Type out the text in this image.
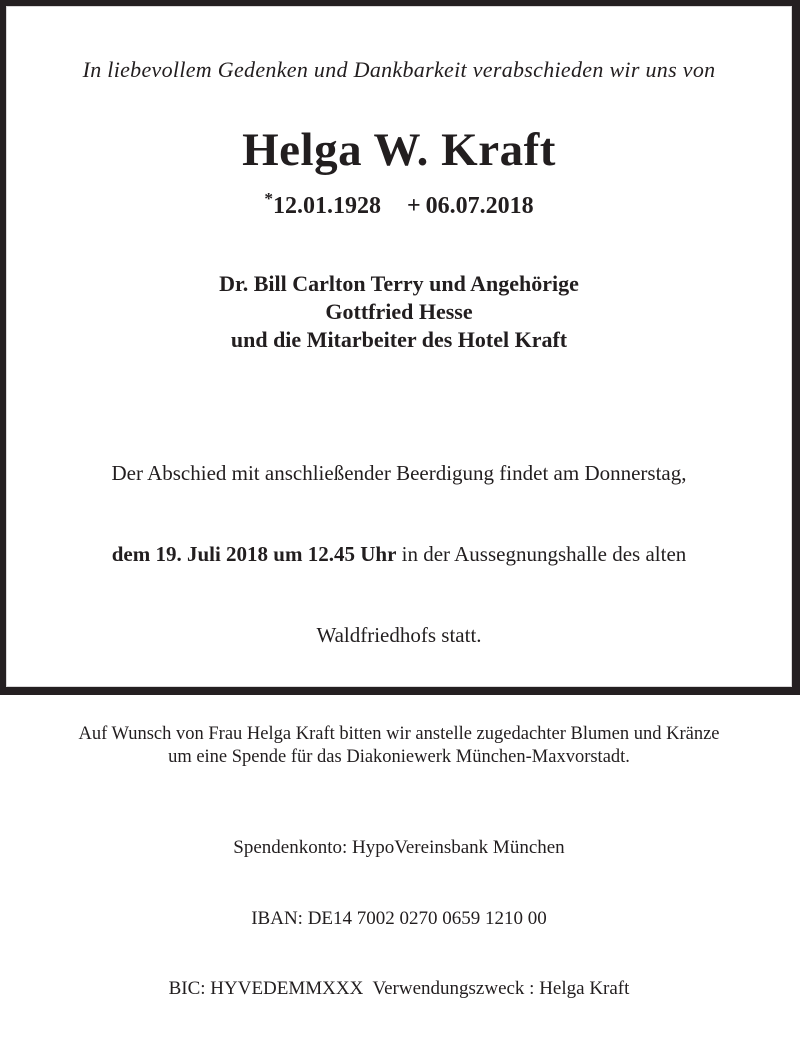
In liebevollem Gedenken und Dankbarkeit verabschieden wir uns von
Helga W. Kraft
*12.01.1928 + 06.07.2018
Dr. Bill Carlton Terry und Angehörige
Gottfried Hesse
und die Mitarbeiter des Hotel Kraft

Der Abschied mit anschließender Beerdigung findet am Donnerstag,

dem 19. Juli 2018 um 12.45 Uhr in der Aussegnungshalle des alten

Waldfriedhofs statt.

Auf Wunsch von Frau Helga Kraft bitten wir anstelle zugedachter Blumen und Kränze
um eine Spende für das Diakoniewerk München-Maxvorstadt.

Spendenkonto: HypoVereinsbank München

IBAN: DE14 7002 0270 0659 1210 00

BIC: HYVEDEMMXXX  Verwendungszweck : Helga Kraft
